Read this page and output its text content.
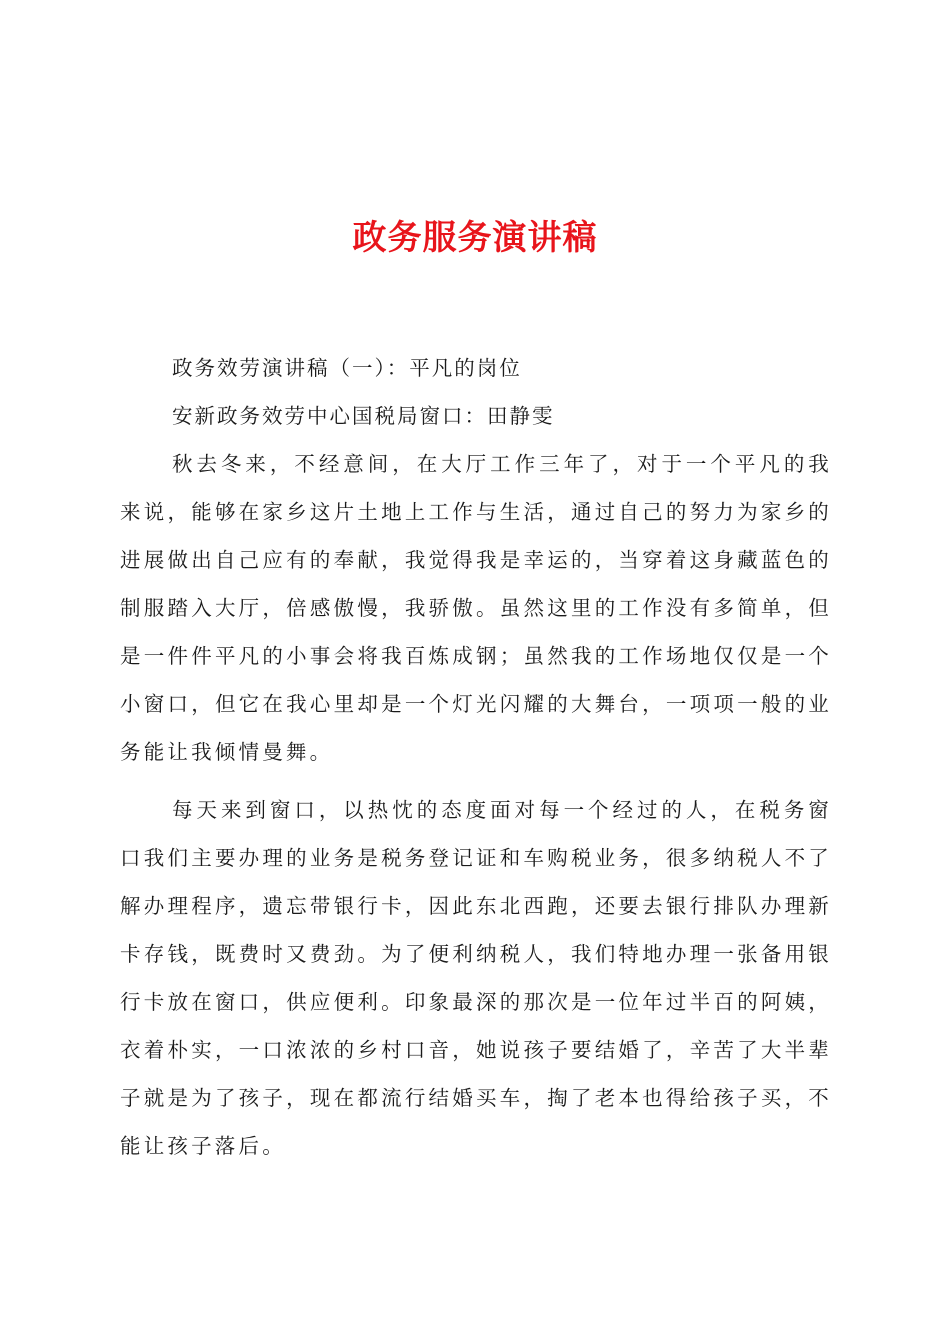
政务服务演讲稿

政务效劳演讲稿（一）：平凡的岗位

安新政务效劳中心国税局窗口：田静雯

秋去冬来，不经意间，在大厅工作三年了，对于一个平凡的我来说，能够在家乡这片土地上工作与生活，通过自己的努力为家乡的进展做出自己应有的奉献，我觉得我是幸运的，当穿着这身藏蓝色的制服踏入大厅，倍感傲慢，我骄傲。虽然这里的工作没有多简单，但是一件件平凡的小事会将我百炼成钢；虽然我的工作场地仅仅是一个小窗口，但它在我心里却是一个灯光闪耀的大舞台，一项项一般的业务能让我倾情曼舞。

每天来到窗口，以热忱的态度面对每一个经过的人，在税务窗口我们主要办理的业务是税务登记证和车购税业务，很多纳税人不了解办理程序，遗忘带银行卡，因此东北西跑，还要去银行排队办理新卡存钱，既费时又费劲。为了便利纳税人，我们特地办理一张备用银行卡放在窗口，供应便利。印象最深的那次是一位年过半百的阿姨，衣着朴实，一口浓浓的乡村口音，她说孩子要结婚了，辛苦了大半辈子就是为了孩子，现在都流行结婚买车，掏了老本也得给孩子买，不能让孩子落后。
